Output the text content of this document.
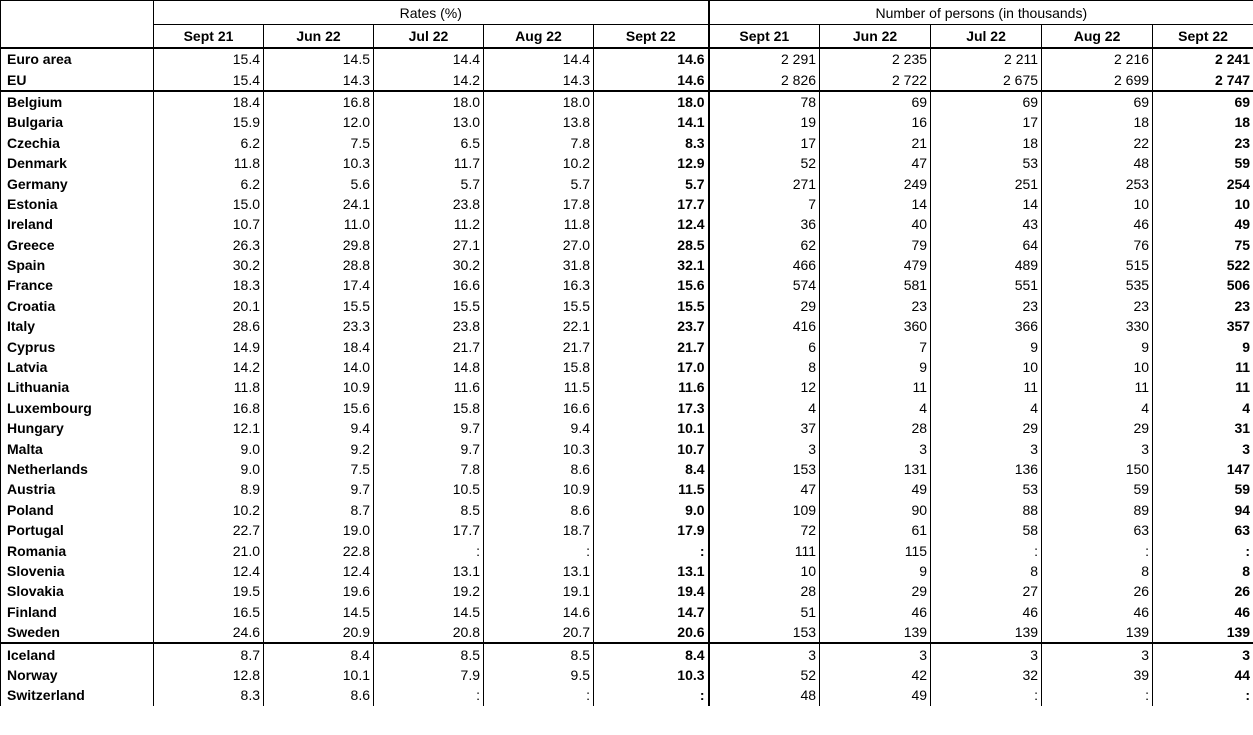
	Rates (%)					Number of persons (in thousands)				
	Sept 21	Jun 22	Jul 22	Aug 22	Sept 22	Sept 21	Jun 22	Jul 22	Aug 22	Sept 22
Euro area	15.4	14.5	14.4	14.4	14.6	2 291	2 235	2 211	2 216	2 241
EU	15.4	14.3	14.2	14.3	14.6	2 826	2 722	2 675	2 699	2 747
Belgium	18.4	16.8	18.0	18.0	18.0	78	69	69	69	69
Bulgaria	15.9	12.0	13.0	13.8	14.1	19	16	17	18	18
Czechia	6.2	7.5	6.5	7.8	8.3	17	21	18	22	23
Denmark	11.8	10.3	11.7	10.2	12.9	52	47	53	48	59
Germany	6.2	5.6	5.7	5.7	5.7	271	249	251	253	254
Estonia	15.0	24.1	23.8	17.8	17.7	7	14	14	10	10
Ireland	10.7	11.0	11.2	11.8	12.4	36	40	43	46	49
Greece	26.3	29.8	27.1	27.0	28.5	62	79	64	76	75
Spain	30.2	28.8	30.2	31.8	32.1	466	479	489	515	522
France	18.3	17.4	16.6	16.3	15.6	574	581	551	535	506
Croatia	20.1	15.5	15.5	15.5	15.5	29	23	23	23	23
Italy	28.6	23.3	23.8	22.1	23.7	416	360	366	330	357
Cyprus	14.9	18.4	21.7	21.7	21.7	6	7	9	9	9
Latvia	14.2	14.0	14.8	15.8	17.0	8	9	10	10	11
Lithuania	11.8	10.9	11.6	11.5	11.6	12	11	11	11	11
Luxembourg	16.8	15.6	15.8	16.6	17.3	4	4	4	4	4
Hungary	12.1	9.4	9.7	9.4	10.1	37	28	29	29	31
Malta	9.0	9.2	9.7	10.3	10.7	3	3	3	3	3
Netherlands	9.0	7.5	7.8	8.6	8.4	153	131	136	150	147
Austria	8.9	9.7	10.5	10.9	11.5	47	49	53	59	59
Poland	10.2	8.7	8.5	8.6	9.0	109	90	88	89	94
Portugal	22.7	19.0	17.7	18.7	17.9	72	61	58	63	63
Romania	21.0	22.8	:	:	:	111	115	:	:	:
Slovenia	12.4	12.4	13.1	13.1	13.1	10	9	8	8	8
Slovakia	19.5	19.6	19.2	19.1	19.4	28	29	27	26	26
Finland	16.5	14.5	14.5	14.6	14.7	51	46	46	46	46
Sweden	24.6	20.9	20.8	20.7	20.6	153	139	139	139	139
Iceland	8.7	8.4	8.5	8.5	8.4	3	3	3	3	3
Norway	12.8	10.1	7.9	9.5	10.3	52	42	32	39	44
Switzerland	8.3	8.6	:	:	:	48	49	:	:	:
